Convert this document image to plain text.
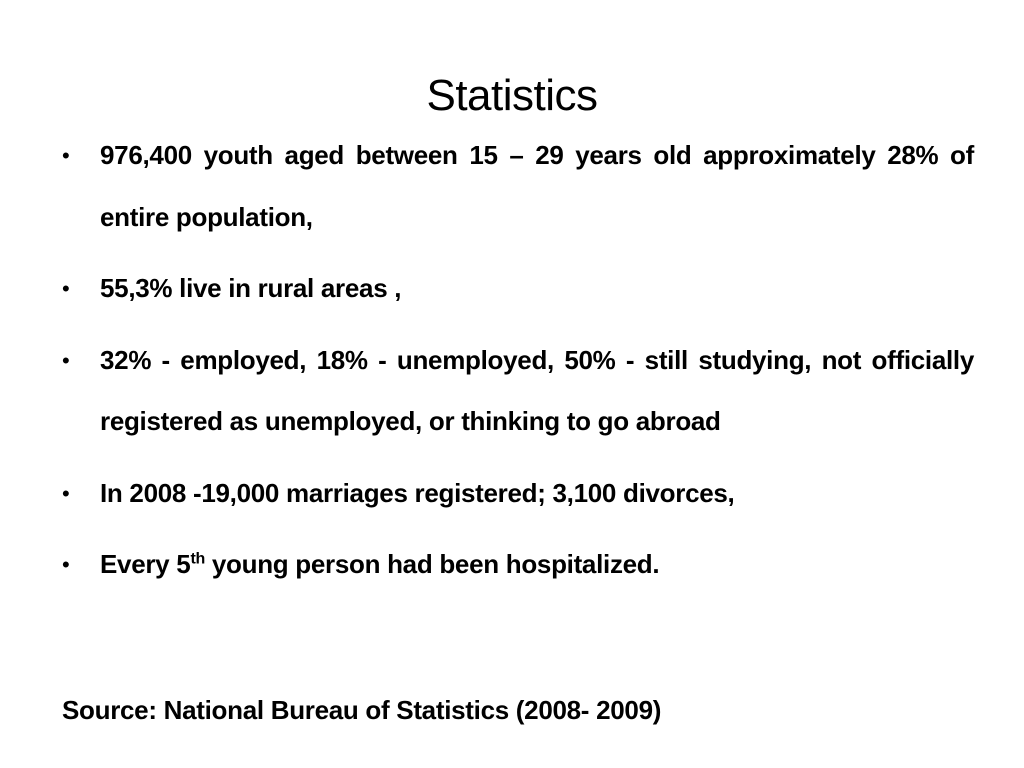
Statistics
• 976,400 youth aged between 15 – 29 years old approximately 28% of entire population,
• 55,3% live in rural areas ,
• 32% - employed, 18% - unemployed, 50% - still studying, not officially registered as unemployed, or thinking to go abroad
• In 2008 -19,000 marriages registered; 3,100 divorces,
• Every 5th young person had been hospitalized.
Source: National Bureau of Statistics (2008- 2009)
